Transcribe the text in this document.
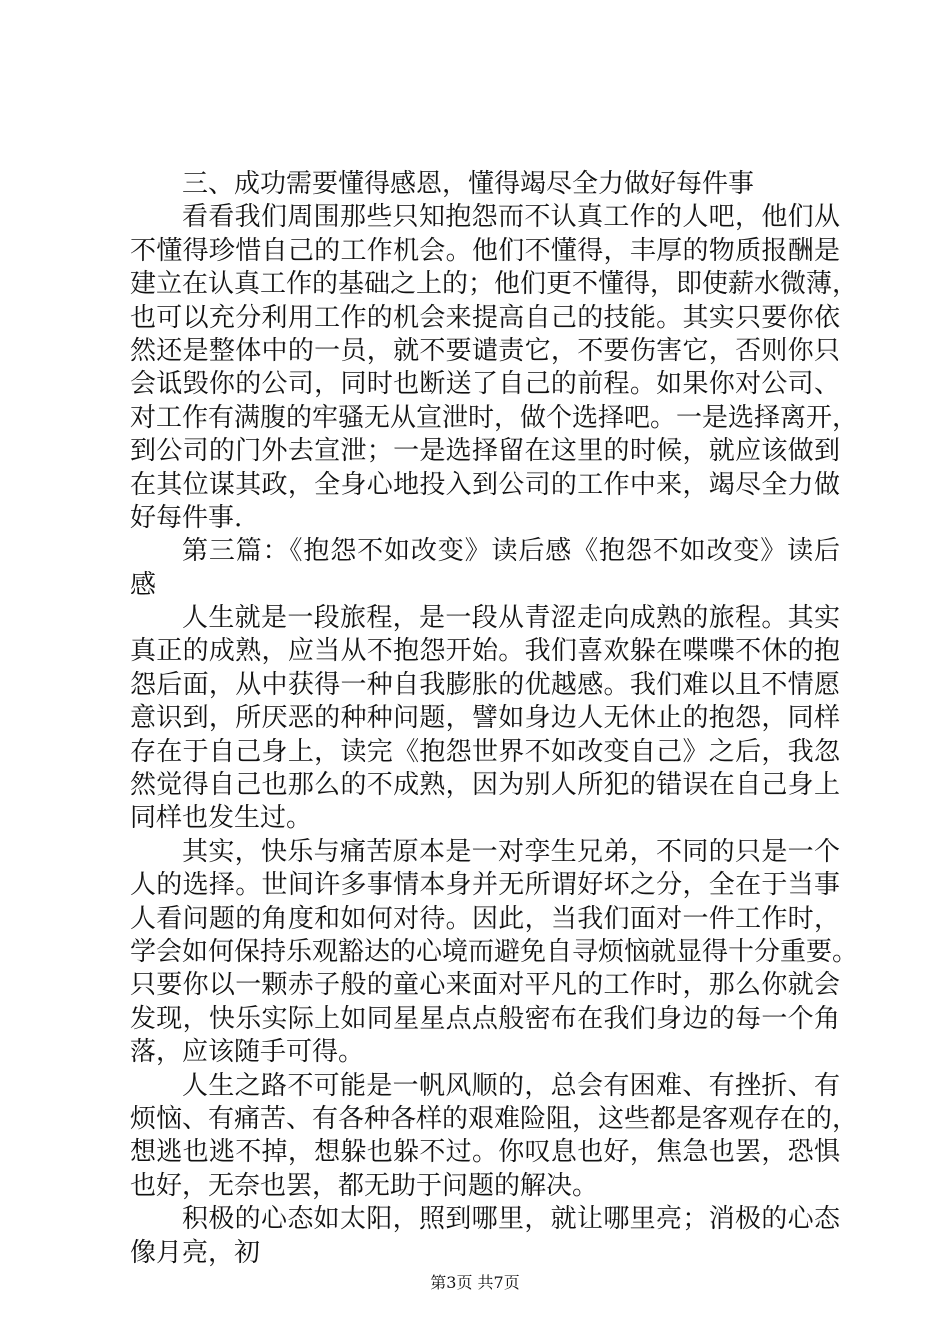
三、成功需要懂得感恩，懂得竭尽全力做好每件事
看看我们周围那些只知抱怨而不认真工作的人吧，他们从
不懂得珍惜自己的工作机会。他们不懂得，丰厚的物质报酬是
建立在认真工作的基础之上的；他们更不懂得，即使薪水微薄，
也可以充分利用工作的机会来提高自己的技能。其实只要你依
然还是整体中的一员，就不要谴责它，不要伤害它，否则你只
会诋毁你的公司，同时也断送了自己的前程。如果你对公司、
对工作有满腹的牢骚无从宣泄时，做个选择吧。一是选择离开，
到公司的门外去宣泄；一是选择留在这里的时候，就应该做到
在其位谋其政，全身心地投入到公司的工作中来，竭尽全力做
好每件事.
第三篇：《抱怨不如改变》读后感《抱怨不如改变》读后
感
人生就是一段旅程，是一段从青涩走向成熟的旅程。其实
真正的成熟，应当从不抱怨开始。我们喜欢躲在喋喋不休的抱
怨后面，从中获得一种自我膨胀的优越感。我们难以且不情愿
意识到，所厌恶的种种问题，譬如身边人无休止的抱怨，同样
存在于自己身上，读完《抱怨世界不如改变自己》之后，我忽
然觉得自己也那么的不成熟，因为别人所犯的错误在自己身上
同样也发生过。
其实，快乐与痛苦原本是一对孪生兄弟，不同的只是一个
人的选择。世间许多事情本身并无所谓好坏之分，全在于当事
人看问题的角度和如何对待。因此，当我们面对一件工作时，
学会如何保持乐观豁达的心境而避免自寻烦恼就显得十分重要。
只要你以一颗赤子般的童心来面对平凡的工作时，那么你就会
发现，快乐实际上如同星星点点般密布在我们身边的每一个角
落，应该随手可得。
人生之路不可能是一帆风顺的，总会有困难、有挫折、有
烦恼、有痛苦、有各种各样的艰难险阻，这些都是客观存在的，
想逃也逃不掉，想躲也躲不过。你叹息也好，焦急也罢，恐惧
也好，无奈也罢，都无助于问题的解决。
积极的心态如太阳，照到哪里，就让哪里亮；消极的心态
像月亮，初
第3页 共7页
